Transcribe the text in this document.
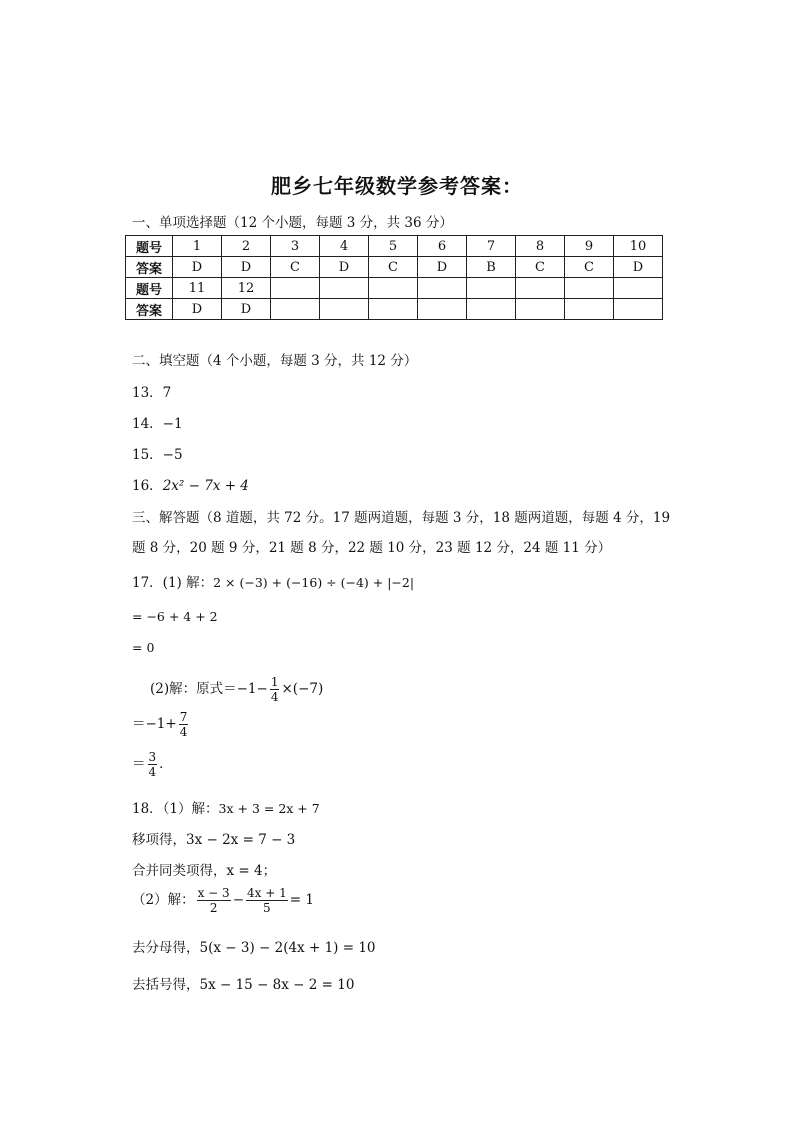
肥乡七年级数学参考答案：
一、单项选择题（12 个小题，每题 3 分，共 36 分）
题号	1	2	3	4	5	6	7	8	9	10
答案	D	D	C	D	C	D	B	C	C	D
题号	11	12								
答案	D	D								
二、填空题（4 个小题，每题 3 分，共 12 分）
13．7
14．−1
15．−5
16．2x² − 7x + 4
三、解答题（8 道题，共 72 分。17 题两道题，每题 3 分，18 题两道题，每题 4 分，19
题 8 分，20 题 9 分，21 题 8 分，22 题 10 分，23 题 12 分，24 题 11 分）
17．(1) 解：2 × (−3) + (−16) ÷ (−4) + |−2|
= −6 + 4 + 2
= 0
(2)解：原式$=-1- \frac{1}{4} \times(-7)$
$=-1+ \frac{7}{4}$
＝ $\frac{3}{4}$ ．
18．（1）解：3x + 3 = 2x + 7
移项得，3x − 2x = 7 − 3
合并同类项得，x = 4；
（2）解： $\frac{x - 3}{2} - \frac{4x + 1}{5} = 1$
去分母得，5(x − 3) − 2(4x + 1) = 10
去括号得，5x − 15 − 8x − 2 = 10
